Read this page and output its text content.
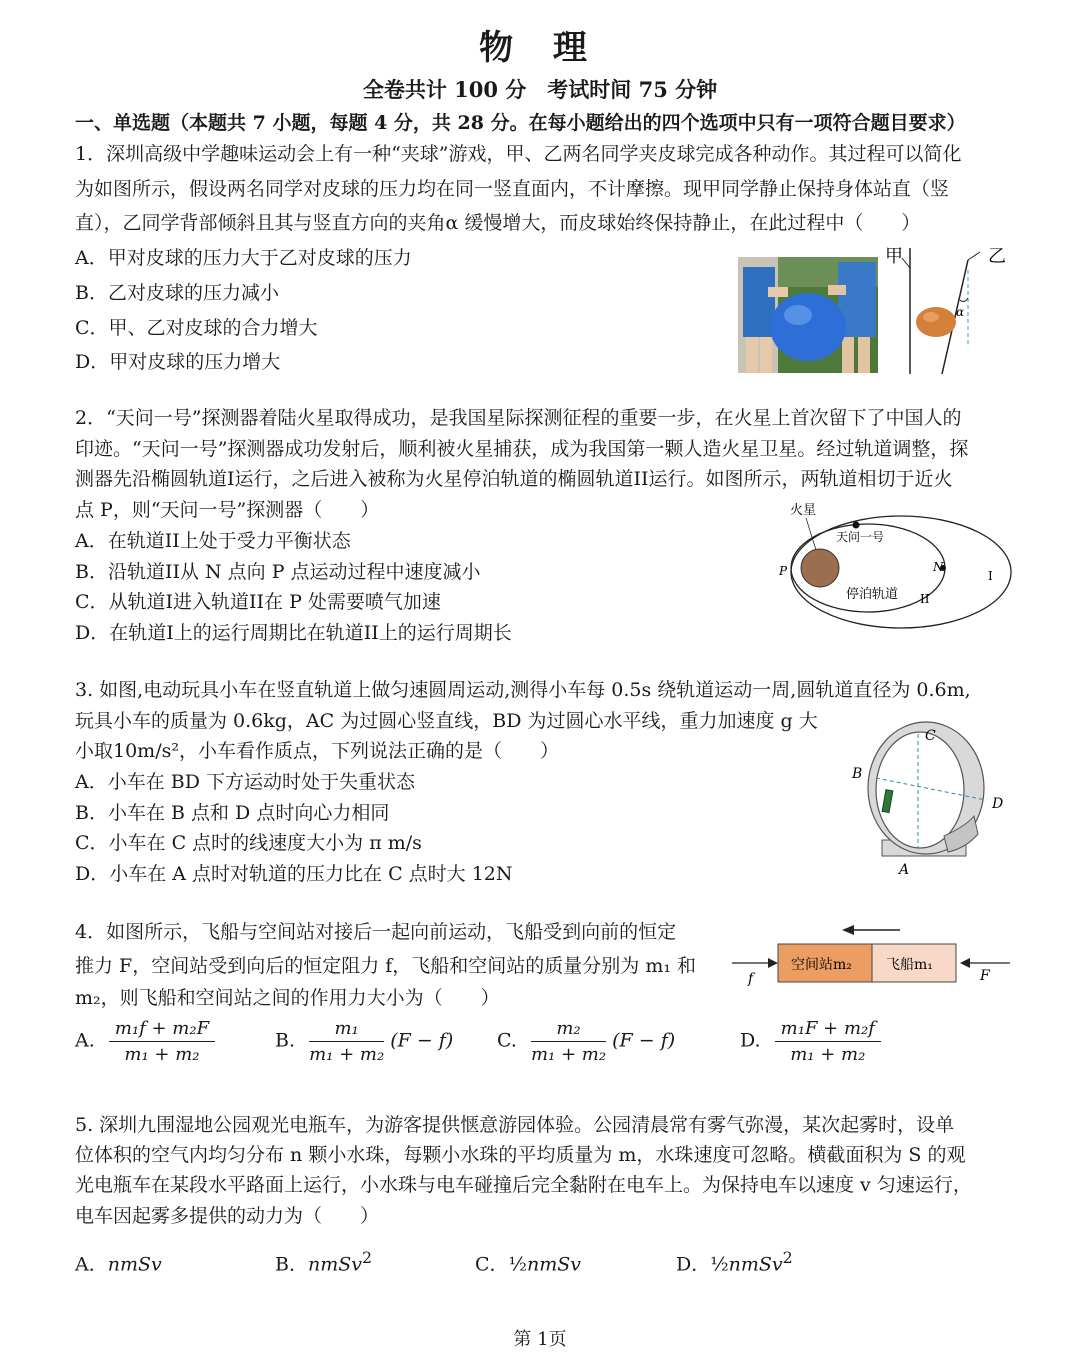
物 理
全卷共计 100 分　考试时间 75 分钟
一、单选题（本题共 7 小题，每题 4 分，共 28 分。在每小题给出的四个选项中只有一项符合题目要求）
1．深圳高级中学趣味运动会上有一种“夹球”游戏，甲、乙两名同学夹皮球完成各种动作。其过程可以简化
为如图所示，假设两名同学对皮球的压力均在同一竖直面内，不计摩擦。现甲同学静止保持身体站直（竖
直），乙同学背部倾斜且其与竖直方向的夹角α 缓慢增大，而皮球始终保持静止，在此过程中（　　）
A．甲对皮球的压力大于乙对皮球的压力
B．乙对皮球的压力减小
C．甲、乙对皮球的合力增大
D．甲对皮球的压力增大
甲	乙
α
2．“天问一号”探测器着陆火星取得成功，是我国星际探测征程的重要一步，在火星上首次留下了中国人的
印迹。“天问一号”探测器成功发射后，顺利被火星捕获，成为我国第一颗人造火星卫星。经过轨道调整，探
测器先沿椭圆轨道I运行，之后进入被称为火星停泊轨道的椭圆轨道II运行。如图所示，两轨道相切于近火
点 P，则“天问一号”探测器（　　）
A．在轨道II上处于受力平衡状态
B．沿轨道II从 N 点向 P 点运动过程中速度减小
C．从轨道I进入轨道II在 P 处需要喷气加速
D．在轨道I上的运行周期比在轨道II上的运行周期长
火星
天问一号
N
P
停泊轨道 II
I
3. 如图,电动玩具小车在竖直轨道上做匀速圆周运动,测得小车每 0.5s 绕轨道运动一周,圆轨道直径为 0.6m,
玩具小车的质量为 0.6kg，AC 为过圆心竖直线，BD 为过圆心水平线，重力加速度 g 大
小取10m/s²，小车看作质点，下列说法正确的是（　　）
A．小车在 BD 下方运动时处于失重状态
B．小车在 B 点和 D 点时向心力相同
C．小车在 C 点时的线速度大小为 π m/s
D．小车在 A 点时对轨道的压力比在 C 点时大 12N
C
B
D
A
4．如图所示，飞船与空间站对接后一起向前运动，飞船受到向前的恒定
推力 F，空间站受到向后的恒定阻力 f，飞船和空间站的质量分别为 m₁ 和
m₂，则飞船和空间站之间的作用力大小为（　　）
空间站m₂ 飞船m₁
f	F
A. $\frac{\text{m₁f + m₂F}}{\text{m₁ + m₂}}$	B. $\frac{\text{m₁}}{\text{m₁ + m₂}} (F - f)$ C. $\frac{\text{m₂}}{\text{m₁ + m₂}} (F - f)$	D. $\frac{\text{m₁F + m₂f}}{\text{m₁ + m₂}}$
5. 深圳九围湿地公园观光电瓶车，为游客提供惬意游园体验。公园清晨常有雾气弥漫，某次起雾时，设单
位体积的空气内均匀分布 n 颗小水珠，每颗小水珠的平均质量为 m，水珠速度可忽略。横截面积为 S 的观
光电瓶车在某段水平路面上运行，小水珠与电车碰撞后完全黏附在电车上。为保持电车以速度 v 匀速运行，
电车因起雾多提供的动力为（　　）
A．nmSv	B．nmSv$^2$	C．½nmSv	D．½nmSv$^2$
第 1页
